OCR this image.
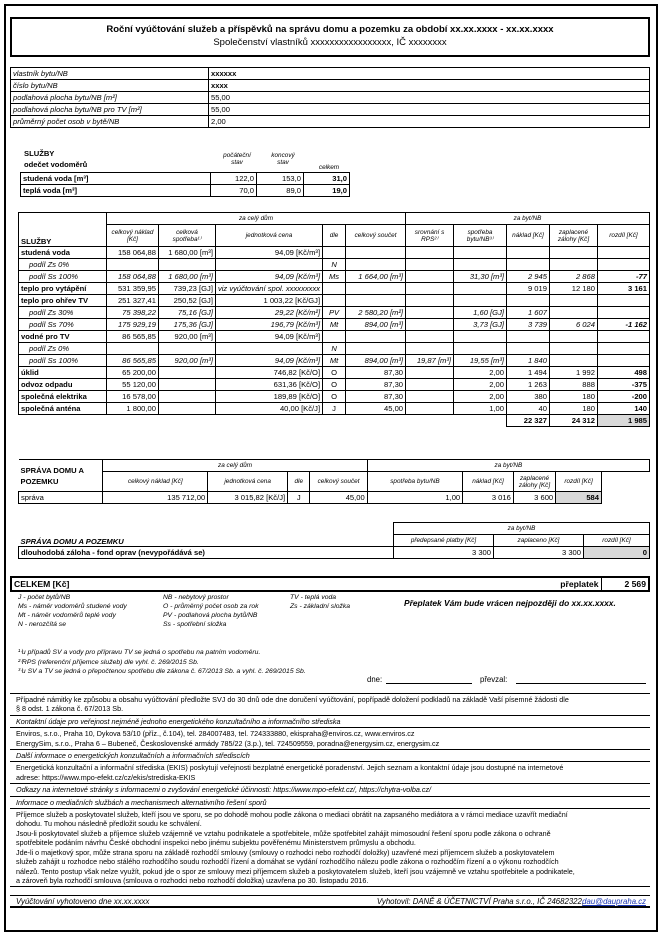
Roční vyúčtování služeb a příspěvků na správu domu a pozemku za období xx.xx.xxxx - xx.xx.xxxx
Společenství vlastníků xxxxxxxxxxxxxxxxx, IČ xxxxxxxx
vlastník bytu/NB	xxxxxx
číslo bytu/NB	xxxx
podlahová plocha bytu/NB [m²]	55,00
podlahová plocha bytu/NB pro TV [m²]	55,00
průměrný počet osob v bytě/NB	2,00
SLUŽBY
odečet vodoměrů
počáteční stav
koncový stav
celkem
studená voda [m³]	122,0	153,0	31,0
teplá voda [m³]	70,0	89,0	19,0
SLUŽBY	za celý dům					za byt/NB				
	celkový náklad [Kč]	celková spotřeba¹⁾	jednotková cena	dle	celkový součet	srovnání s RPS²⁾	spotřeba bytu/NB³⁾	náklad [Kč]	zaplacené zálohy [Kč]	rozdíl [Kč]
studená voda	158 064,88	1 680,00 [m³]	94,09 [Kč/m³]							
podíl Zs 0%				N						
podíl Ss 100%	158 064,88	1 680,00 [m³]	94,09 [Kč/m³]	Ms	1 664,00 [m³]		31,30 [m³]	2 945	2 868	-77
teplo pro vytápění	531 359,95	739,23 [GJ]	viz vyúčtování spol. xxxxxxxxx					9 019	12 180	3 161
teplo pro ohřev TV	251 327,41	250,52 [GJ]	1 003,22 [Kč/GJ]							
podíl Zs 30%	75 398,22	75,16 [GJ]	29,22 [Kč/m²]	PV	2 580,20 [m²]		1,60 [GJ]	1 607		
podíl Ss 70%	175 929,19	175,36 [GJ]	196,79 [Kč/m³]	Mt	894,00 [m³]		3,73 [GJ]	3 739	6 024	-1 162
vodné pro TV	86 565,85	920,00 [m³]	94,09 [Kč/m³]							
podíl Zs 0%				N						
podíl Ss 100%	86 565,85	920,00 [m³]	94,09 [Kč/m³]	Mt	894,00 [m³]	19,87 [m³]	19,55 [m³]	1 840		
úklid	65 200,00		746,82 [Kč/O]	O	87,30		2,00	1 494	1 992	498
odvoz odpadu	55 120,00		631,36 [Kč/O]	O	87,30		2,00	1 263	888	-375
společná elektrika	16 578,00		189,89 [Kč/O]	O	87,30		2,00	380	180	-200
společná anténa	1 800,00		40,00 [Kč/J]	J	45,00		1,00	40	180	140
								22 327	24 312	1 985
SPRÁVA DOMU A POZEMKU	za celý dům				za byt/NB			
	celkový náklad [Kč]	jednotková cena	dle	celkový součet	spotřeba bytu/NB	náklad [Kč]	zaplacené zálohy [Kč]	rozdíl [Kč]
správa	135 712,00	3 015,82 [Kč/J]	J	45,00	1,00	3 016	3 600	584
SPRÁVA DOMU A POZEMKU	za byt/NB		
	předepsané platby [Kč]	zaplaceno [Kč]	rozdíl [Kč]
dlouhodobá záloha - fond oprav (nevypořádává se)	3 300	3 300	0
CELKEM [Kč]	přeplatek	2 569
Přeplatek Vám bude vrácen nejpozději do xx.xx.xxxx.
J - počet bytů/NB	NB - nebytový prostor	TV - teplá voda
Ms - náměr vodoměrů studené vody	O - průměrný počet osob za rok	Zs - základní složka
Mt - náměr vodoměrů teplé vody	PV - podlahová plocha bytů/NB
N - nerozčítá se	Ss - spotřební složka
¹⁾u případů SV a vody pro přípravu TV se jedná o spotřebu na patním vodoměru.
²⁾RPS (referenční příjemce služeb) dle vyhl. č. 269/2015 Sb.
³⁾u SV a TV se jedná o přepočtenou spotřebu dle zákona č. 67/2013 Sb. a vyhl. č. 269/2015 Sb.
dne:	převzal:
Případné námitky ke způsobu a obsahu vyúčtování předložte SVJ do 30 dnů ode dne doručení vyúčtování, popřípadě doložení podkladů na základě Vaší písemné žádosti dle
§ 8 odst. 1 zákona č. 67/2013 Sb.
Kontaktní údaje pro veřejnost nejméně jednoho energetického konzultačního a informačního střediska
Enviros, s.r.o., Praha 10, Dykova 53/10 (příz., č.104), tel. 284007483, tel. 724333880, ekisprahа@enviros.cz, www.enviros.cz
EnergySim, s.r.o., Praha 6 – Bubeneč, Československé armády 785/22 (3.p.), tel. 724509559, poradna@energysim.cz, energysim.cz
Další informace o energetických konzultačních a informačních střediscích
Energetická konzultační a informační střediska (EKIS) poskytují veřejnosti bezplatné energetické poradenství. Jejich seznam a kontaktní údaje jsou dostupné na internetové
adrese: https://www.mpo-efekt.cz/cz/ekis/strediska-EKIS
Odkazy na internetové stránky s informacemi o zvyšování energetické účinnosti: https://www.mpo-efekt.cz/, https://chytra-volba.cz/
Informace o mediačních službách a mechanismech alternativního řešení sporů
Příjemce služeb a poskytovatel služeb, kteří jsou ve sporu, se po dohodě mohou podle zákona o mediaci obrátit na zapsaného mediátora a v rámci mediace uzavřít mediační
dohodu. Tu mohou následně předložit soudu ke schválení.
Jsou-li poskytovatel služeb a příjemce služeb vzájemně ve vztahu podnikatele a spotřebitele, může spotřebitel zahájit mimosoudní řešení sporu podle zákona o ochraně
spotřebitele podáním návrhu České obchodní inspekci nebo jinému subjektu pověřenému Ministerstvem průmyslu a obchodu.
Jde-li o majetkový spor, může strana sporu na základě rozhodčí smlouvy (smlouvy o rozhodci nebo rozhodčí doložky) uzavřené mezi příjemcem služeb a poskytovatelem
služeb zahájit u rozhodce nebo stálého rozhodčího soudu rozhodčí řízení a domáhat se vydání rozhodčího nálezu podle zákona o rozhodčím řízení a o výkonu rozhodčích
nálezů. Tento postup však nelze využít, pokud jde o spor ze smlouvy mezi příjemcem služeb a poskytovatelem služeb, kteří jsou vzájemně ve vztahu spotřebitele a podnikatele,
a zároveň byla rozhodčí smlouva (smlouva o rozhodci nebo rozhodčí doložka) uzavřena po 30. listopadu 2016.
Vyúčtování vyhotoveno dne xx.xx.xxxx	Vyhotovil: DANĚ & ÚČETNICTVÍ Praha s.r.o., IČ 24682322,
dau@daupraha.cz
